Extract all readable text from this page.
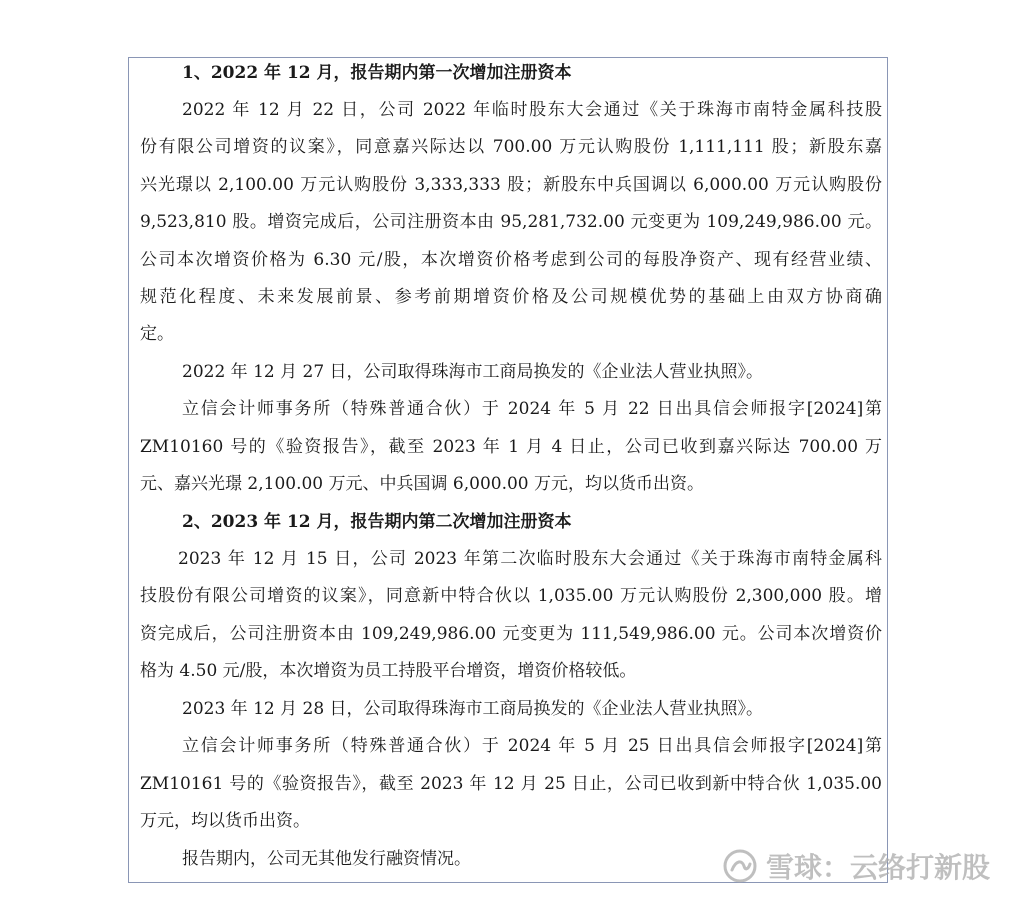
1、2022 年 12 月，报告期内第一次增加注册资本
2022 年 12 月 22 日，公司 2022 年临时股东大会通过《关于珠海市南特金属科技股
份有限公司增资的议案》，同意嘉兴际达以 700.00 万元认购股份 1,111,111 股；新股东嘉
兴光璟以 2,100.00 万元认购股份 3,333,333 股；新股东中兵国调以 6,000.00 万元认购股份
9,523,810 股。增资完成后，公司注册资本由 95,281,732.00 元变更为 109,249,986.00 元。
公司本次增资价格为 6.30 元/股，本次增资价格考虑到公司的每股净资产、现有经营业绩、
规范化程度、未来发展前景、参考前期增资价格及公司规模优势的基础上由双方协商确
定。
2022 年 12 月 27 日，公司取得珠海市工商局换发的《企业法人营业执照》。
立信会计师事务所（特殊普通合伙）于 2024 年 5 月 22 日出具信会师报字[2024]第
ZM10160 号的《验资报告》，截至 2023 年 1 月 4 日止，公司已收到嘉兴际达 700.00 万
元、嘉兴光璟 2,100.00 万元、中兵国调 6,000.00 万元，均以货币出资。
2、2023 年 12 月，报告期内第二次增加注册资本
2023 年 12 月 15 日，公司 2023 年第二次临时股东大会通过《关于珠海市南特金属科
技股份有限公司增资的议案》，同意新中特合伙以 1,035.00 万元认购股份 2,300,000 股。增
资完成后，公司注册资本由 109,249,986.00 元变更为 111,549,986.00 元。公司本次增资价
格为 4.50 元/股，本次增资为员工持股平台增资，增资价格较低。
2023 年 12 月 28 日，公司取得珠海市工商局换发的《企业法人营业执照》。
立信会计师事务所（特殊普通合伙）于 2024 年 5 月 25 日出具信会师报字[2024]第
ZM10161 号的《验资报告》，截至 2023 年 12 月 25 日止，公司已收到新中特合伙 1,035.00
万元，均以货币出资。
报告期内，公司无其他发行融资情况。	雪球：云络打新股
